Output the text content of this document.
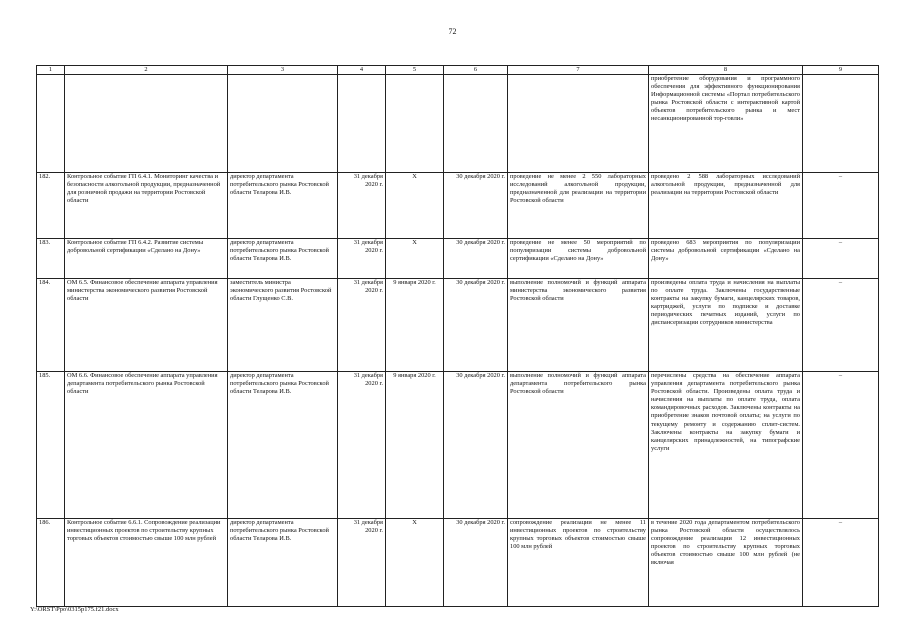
72
1	2	3	4	5	6	7	8	9
							приобретение оборудования и программного обеспечения для эффективного функционирования Информационной системы «Портал потребительского рынка Ростовской области с интерактивной картой объектов потребительского рынка и мест несанкционированной тор-говли»	
182.	Контрольное событие ГП 6.4.1. Мониторинг качества и безопасности алкогольной продукции, предназначенной для розничной продажи на территории Ростовской области	директор департамента потребительского рынка Ростовской области Теларова И.В.	31 декабря 2020 г.	Х	30 декабря 2020 г.	проведение не менее 2 550 лабораторных исследований алкогольной продукции, предназначенной для реализации на территории Ростовской области	проведено 2 588 лабораторных исследований алкогольной продукции, предназначенной для реализации на территории Ростовской области	–
183.	Контрольное событие ГП 6.4.2. Развитие системы добровольной сертификации «Сделано на Дону»	директор департамента потребительского рынка Ростовской области Теларова И.В.	31 декабря 2020 г.	Х	30 декабря 2020 г.	проведение не менее 50 мероприятий по популяризации системы добровольной сертификации «Сделано на Дону»	проведено 683 мероприятия по популяризации системы добровольной сертификации «Сделано на Дону»	–
184.	ОМ 6.5. Финансовое обеспечение аппарата управления министерства экономического развития Ростовской области	заместитель министра экономического развития Ростовской области Глущенко С.В.	31 декабря 2020 г.	9 января 2020 г.	30 декабря 2020 г.	выполнение полномочий и функций аппарата министерства экономического развития Ростовской области	произведены оплата труда и начисления на выплаты по оплате труда. Заключены государственные контракты на закупку бумаги, канцелярских товаров, картриджей, услуги по подписке и доставке периодических печатных изданий, услуги по диспансеризации сотрудников министерства	–
185.	ОМ 6.6. Финансовое обеспечение аппарата управления департамента потребительского рынка Ростовской области	директор департамента потребительского рынка Ростовской области Теларова И.В.	31 декабря 2020 г.	9 января 2020 г.	30 декабря 2020 г.	выполнение полномочий и функций аппарата департамента потребительского рынка Ростовской области	перечислены средства на обеспечение аппарата управления департамента потребительского рынка Ростовской области. Произведены оплата труда и начисления на выплаты по оплате труда, оплата командировочных расходов. Заключены контракты на приобретение знаков почтовой оплаты; на услуги по текущему ремонту и содержанию сплит-систем. Заключены контракты на закупку бумаги и канцелярских принадлежностей, на типографские услуги	–
186.	Контрольное событие 6.6.1. Сопровождение реализации инвестиционных проектов по строительству крупных торговых объектов стоимостью свыше 100 млн рублей	директор департамента потребительского рынка Ростовской области Теларова И.В.	31 декабря 2020 г.	Х	30 декабря 2020 г.	сопровождение реализации не менее 11 инвестиционных проектов по строительству крупных торговых объектов стоимостью свыше 100 млн рублей	в течение 2020 года департаментом потребительского рынка Ростовской области осуществлялось сопровождение реализации 12 инвестиционных проектов по строительству крупных торговых объектов стоимостью свыше 100 млн рублей (не включая	–
Y:\ORST\Ppo\0315p175.f21.docx
